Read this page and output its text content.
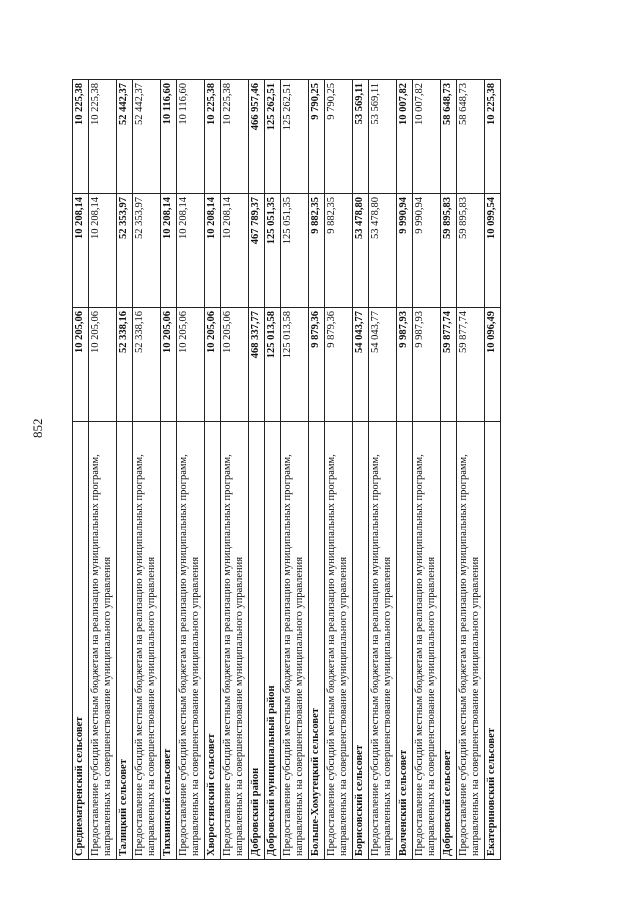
852
Среднематренский сельсовет	10 205,06	10 208,14	10 225,38
Предоставление субсидий местным бюджетам на реализацию муниципальных программ, направленных на совершенствование муниципального управления	10 205,06	10 208,14	10 225,38
Талицкий сельсовет	52 338,16	52 353,97	52 442,37
Предоставление субсидий местным бюджетам на реализацию муниципальных программ, направленных на совершенствование муниципального управления	52 338,16	52 353,97	52 442,37
Тихвинский сельсовет	10 205,06	10 208,14	10 116,60
Предоставление субсидий местным бюджетам на реализацию муниципальных программ, направленных на совершенствование муниципального управления	10 205,06	10 208,14	10 116,60
Хворостянский сельсовет	10 205,06	10 208,14	10 225,38
Предоставление субсидий местным бюджетам на реализацию муниципальных программ, направленных на совершенствование муниципального управления	10 205,06	10 208,14	10 225,38
Добровский район	468 337,77	467 789,37	466 957,46
Добровский муниципальный район	125 013,58	125 051,35	125 262,51
Предоставление субсидий местным бюджетам на реализацию муниципальных программ, направленных на совершенствование муниципального управления	125 013,58	125 051,35	125 262,51
Больше-Хомутецкий сельсовет	9 879,36	9 882,35	9 790,25
Предоставление субсидий местным бюджетам на реализацию муниципальных программ, направленных на совершенствование муниципального управления	9 879,36	9 882,35	9 790,25
Борисовский сельсовет	54 043,77	53 478,80	53 569,11
Предоставление субсидий местным бюджетам на реализацию муниципальных программ, направленных на совершенствование муниципального управления	54 043,77	53 478,80	53 569,11
Волченский сельсовет	9 987,93	9 990,94	10 007,82
Предоставление субсидий местным бюджетам на реализацию муниципальных программ, направленных на совершенствование муниципального управления	9 987,93	9 990,94	10 007,82
Добровский сельсовет	59 877,74	59 895,83	58 648,73
Предоставление субсидий местным бюджетам на реализацию муниципальных программ, направленных на совершенствование муниципального управления	59 877,74	59 895,83	58 648,73
Екатериновский сельсовет	10 096,49	10 099,54	10 225,38
